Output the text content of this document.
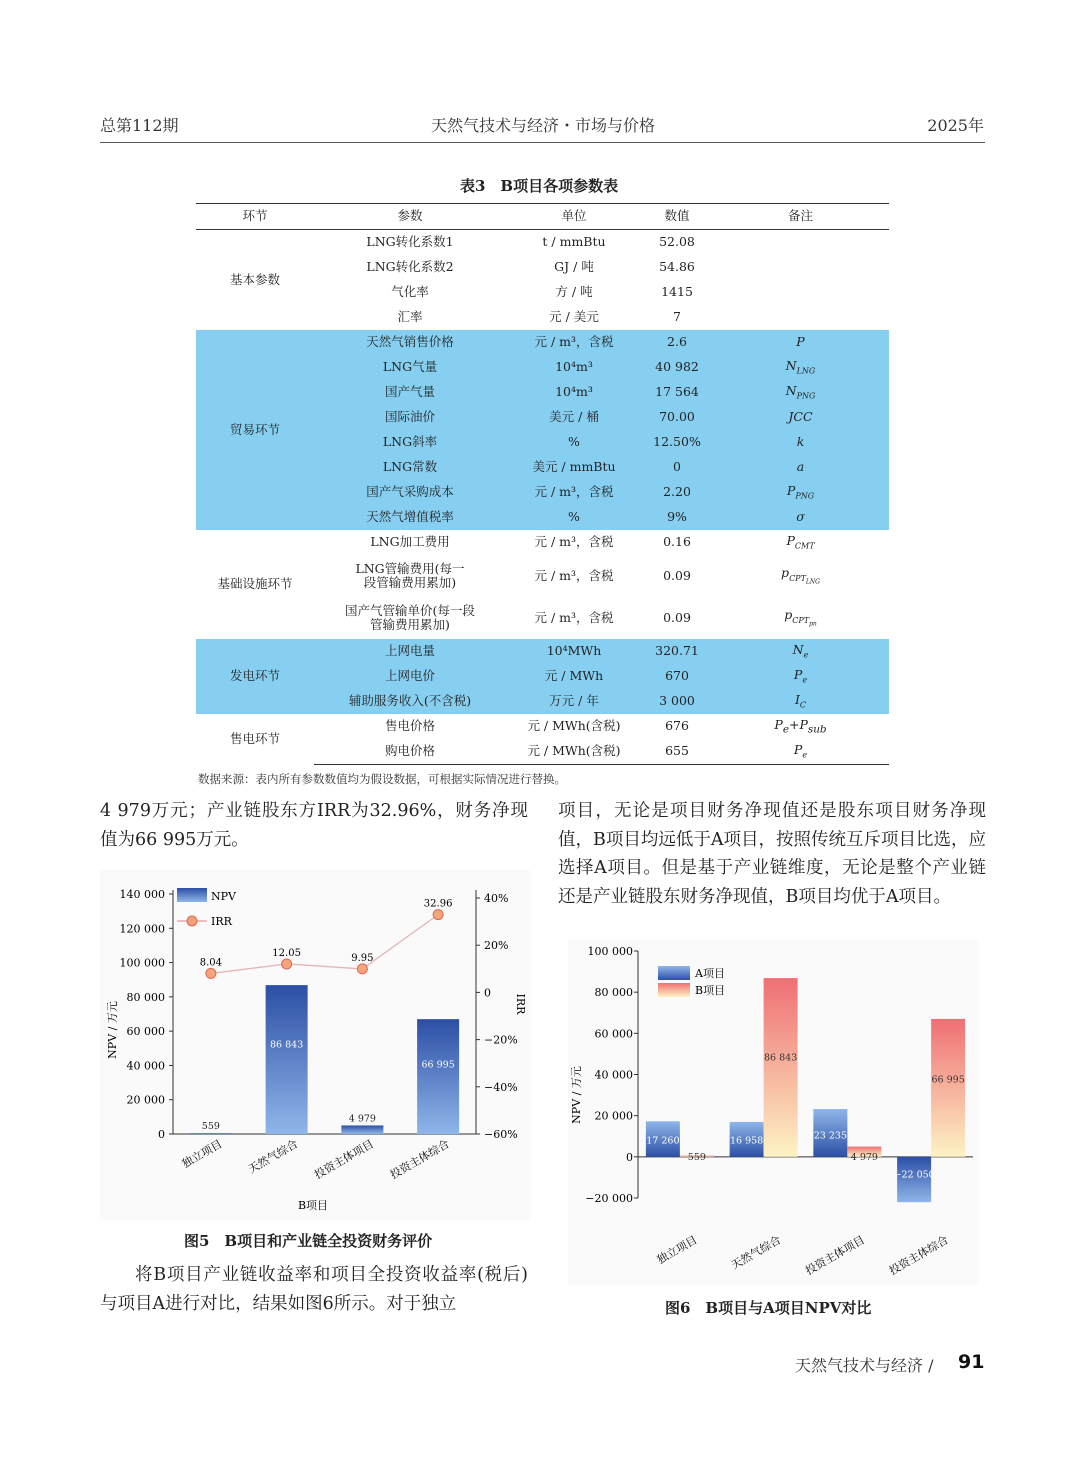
总第112期	天然气技术与经济・市场与价格	2025年
表3　B项目各项参数表
环节	参数	单位	数值	备注
基本参数	LNG转化系数1	t / mmBtu	52.08	
	LNG转化系数2	GJ / 吨	54.86	
	气化率	方 / 吨	1415	
	汇率	元 / 美元	7	
贸易环节	天然气销售价格	元 / m³，含税	2.6	P
	LNG气量	10⁴m³	40 982	$N_{LNG}$
	国产气量	10⁴m³	17 564	$N_{PNG}$
	国际油价	美元 / 桶	70.00	JCC
	LNG斜率	%	12.50%	k
	LNG常数	美元 / mmBtu	0	a
	国产气采购成本	元 / m³，含税	2.20	$P_{PNG}$
	天然气增值税率	%	9%	σ
基础设施环节	LNG加工费用	元 / m³，含税	0.16	$P_{CMT}$
	LNG管输费用(每一段管输费用累加)	元 / m³，含税	0.09	$p_{CPT_{LNG}}$
	国产气管输单价(每一段管输费用累加)	元 / m³，含税	0.09	$p_{CPT_{pn}}$
发电环节	上网电量	10⁴MWh	320.71	$N_e$
	上网电价	元 / MWh	670	$P_e$
	辅助服务收入(不含税)	万元 / 年	3 000	$I_C$
售电环节	售电价格	元 / MWh(含税)	676	$P_e+P_{sub}$
	购电价格	元 / MWh(含税)	655	$P_e$
数据来源：表内所有参数数值均为假设数据，可根据实际情况进行替换。
4 979万元；产业链股东方IRR为32.96%，财务净现值为66 995万元。
项目，无论是项目财务净现值还是股东项目财务净现值，B项目均远低于A项目，按照传统互斥项目比选，应选择A项目。但是基于产业链维度，无论是整个产业链还是产业链股东财务净现值，B项目均优于A项目。
将B项目产业链收益率和项目全投资收益率(税后)与项目A进行对比，结果如图6所示。对于独立
0
20 000
40 000
60 000
80 000
100 000
120 000
140 000
−60%
−40%
−20%
0
20%
40%
独立项目 天然气综合 投资主体项目 投资主体综合
559
86 843
4 979
66 995
8.04
12.05	9.95
32.96
NPV
IRR
NPV / 万元	IRR
B项目
图5　B项目和产业链全投资财务评价
−20 000
0
20 000
40 000
60 000
80 000
100 000
独立项目	天然气综合 投资主体项目 投资主体综合
17 260
559
16 958
86 843
23 235
4 979
−22 050
66 995
A项目
B项目
NPV / 万元
图6　B项目与A项目NPV对比
天然气技术与经济 / 91
